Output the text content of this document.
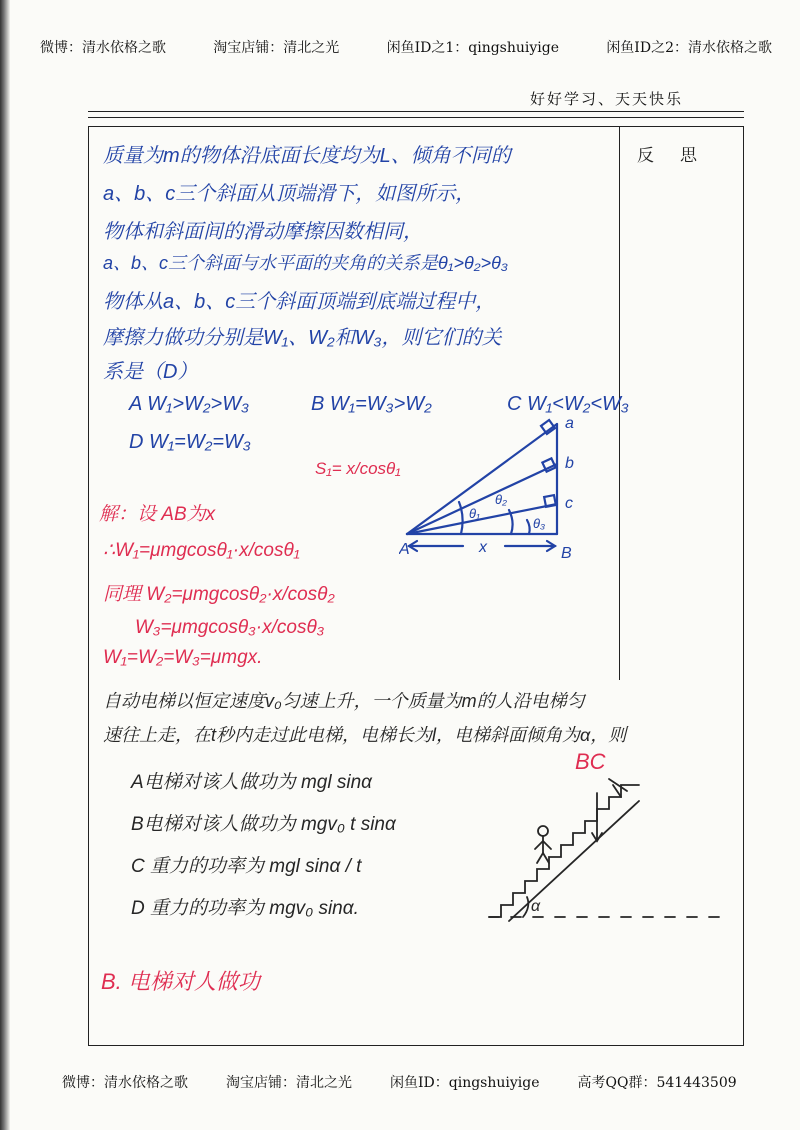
微博：清水依格之歌	淘宝店铺：清北之光	闲鱼ID之1：qingshuiyige	闲鱼ID之2：清水依格之歌
好好学习、天天快乐
反思
质量为m的物体沿底面长度均为L、倾角不同的
a、b、c三个斜面从顶端滑下，如图所示，
物体和斜面间的滑动摩擦因数相同，
a、b、c三个斜面与水平面的夹角的关系是θ₁>θ₂>θ₃
物体从a、b、c三个斜面顶端到底端过程中，
摩擦力做功分别是W₁、W₂和W₃，则它们的关
系是（D）
A W₁>W₂>W₃	B W₁=W₃>W₂	C W₁<W₂<W₃
D W₁=W₂=W₃
S₁= x/cosθ₁
解：设 AB为x
∴W₁=μmgcosθ₁·x/cosθ₁
同理 W₂=μmgcosθ₂·x/cosθ₂
W₃=μmgcosθ₃·x/cosθ₃
W₁=W₂=W₃=μmgx.
a
b
c
θ₁
θ₂
θ₃
x
A	B
自动电梯以恒定速度v₀匀速上升，一个质量为m的人沿电梯匀
速往上走，在t秒内走过此电梯，电梯长为l，电梯斜面倾角为α，则
BC
A电梯对该人做功为 mgl sinα
B电梯对该人做功为 mgv₀ t sinα
C 重力的功率为 mgl sinα / t
D 重力的功率为 mgv₀ sinα.	α
B. 电梯对人做功
微博：清水依格之歌	淘宝店铺：清北之光	闲鱼ID：qingshuiyige	高考QQ群：541443509
